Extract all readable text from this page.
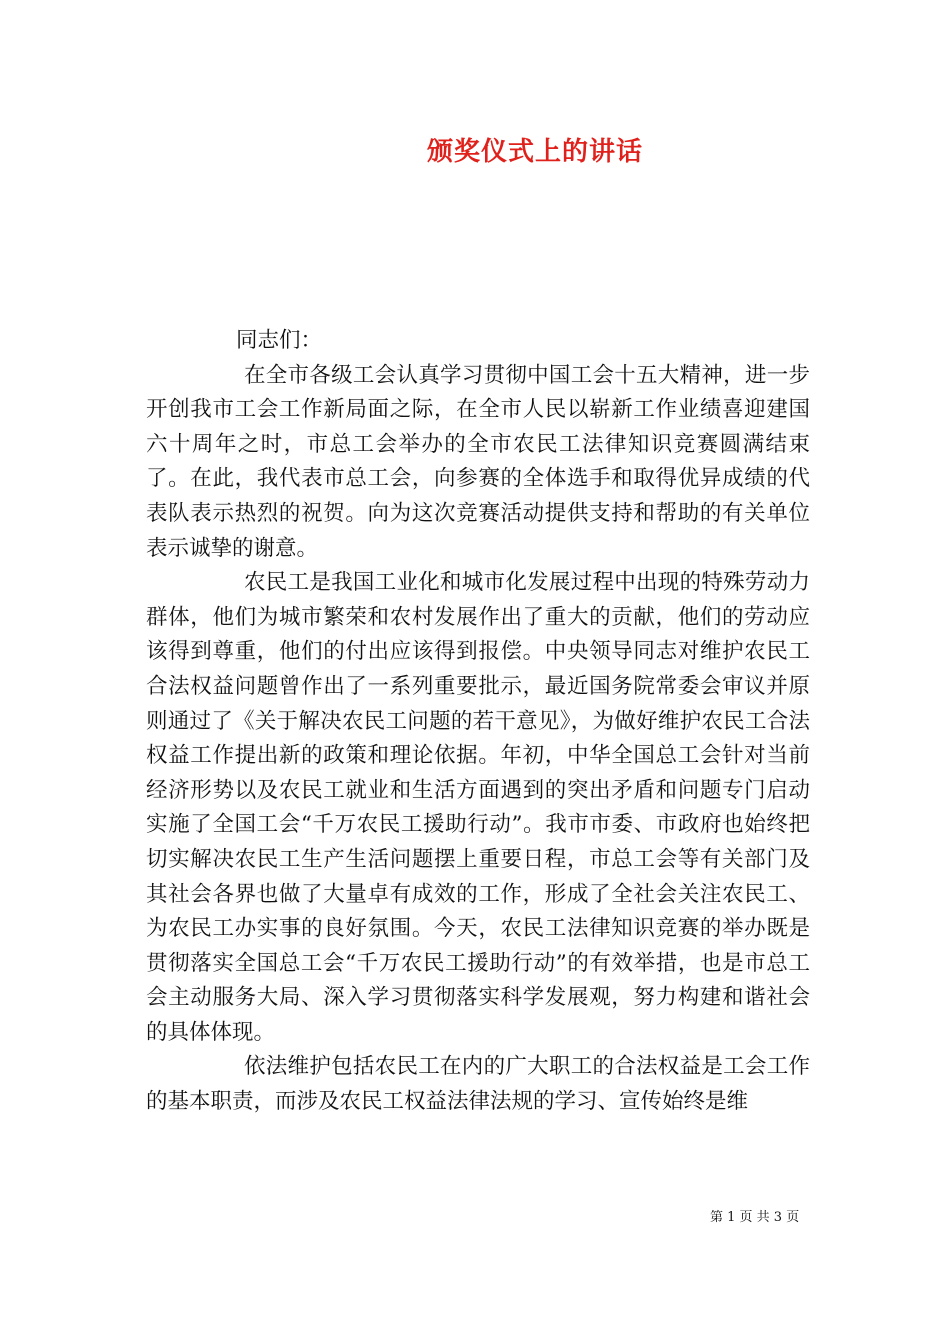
颁奖仪式上的讲话

同志们：

在全市各级工会认真学习贯彻中国工会十五大精神，进一步开创我市工会工作新局面之际，在全市人民以崭新工作业绩喜迎建国六十周年之时，市总工会举办的全市农民工法律知识竞赛圆满结束了。在此，我代表市总工会，向参赛的全体选手和取得优异成绩的代表队表示热烈的祝贺。向为这次竞赛活动提供支持和帮助的有关单位表示诚挚的谢意。

农民工是我国工业化和城市化发展过程中出现的特殊劳动力群体，他们为城市繁荣和农村发展作出了重大的贡献，他们的劳动应该得到尊重，他们的付出应该得到报偿。中央领导同志对维护农民工合法权益问题曾作出了一系列重要批示，最近国务院常委会审议并原则通过了《关于解决农民工问题的若干意见》，为做好维护农民工合法权益工作提出新的政策和理论依据。年初，中华全国总工会针对当前经济形势以及农民工就业和生活方面遇到的突出矛盾和问题专门启动实施了全国工会“千万农民工援助行动”。我市市委、市政府也始终把切实解决农民工生产生活问题摆上重要日程，市总工会等有关部门及其社会各界也做了大量卓有成效的工作，形成了全社会关注农民工、为农民工办实事的良好氛围。今天，农民工法律知识竞赛的举办既是贯彻落实全国总工会“千万农民工援助行动”的有效举措，也是市总工会主动服务大局、深入学习贯彻落实科学发展观，努力构建和谐社会的具体体现。

依法维护包括农民工在内的广大职工的合法权益是工会工作的基本职责，而涉及农民工权益法律法规的学习、宣传始终是维

第 1 页 共 3 页
